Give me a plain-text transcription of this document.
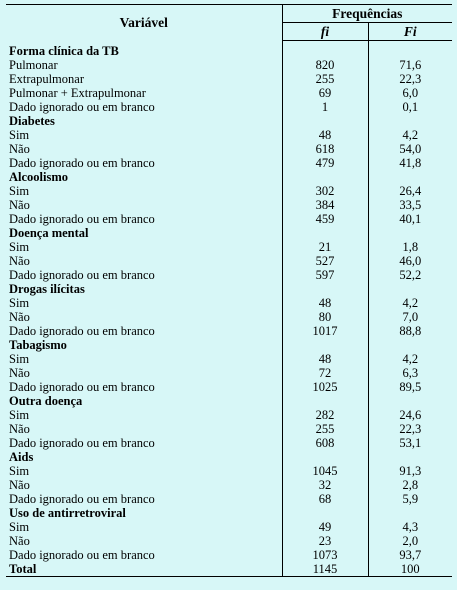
Variável	Frequências	
	fi	Fi
Forma clínica da TB		
Pulmonar	820	71,6
Extrapulmonar	255	22,3
Pulmonar + Extrapulmonar	69	6,0
Dado ignorado ou em branco	1	0,1
Diabetes		
Sim	48	4,2
Não	618	54,0
Dado ignorado ou em branco	479	41,8
Alcoolismo		
Sim	302	26,4
Não	384	33,5
Dado ignorado ou em branco	459	40,1
Doença mental		
Sim	21	1,8
Não	527	46,0
Dado ignorado ou em branco	597	52,2
Drogas ilícitas		
Sim	48	4,2
Não	80	7,0
Dado ignorado ou em branco	1017	88,8
Tabagismo		
Sim	48	4,2
Não	72	6,3
Dado ignorado ou em branco	1025	89,5
Outra doença		
Sim	282	24,6
Não	255	22,3
Dado ignorado ou em branco	608	53,1
Aids		
Sim	1045	91,3
Não	32	2,8
Dado ignorado ou em branco	68	5,9
Uso de antirretroviral		
Sim	49	4,3
Não	23	2,0
Dado ignorado ou em branco	1073	93,7
Total	1145	100
